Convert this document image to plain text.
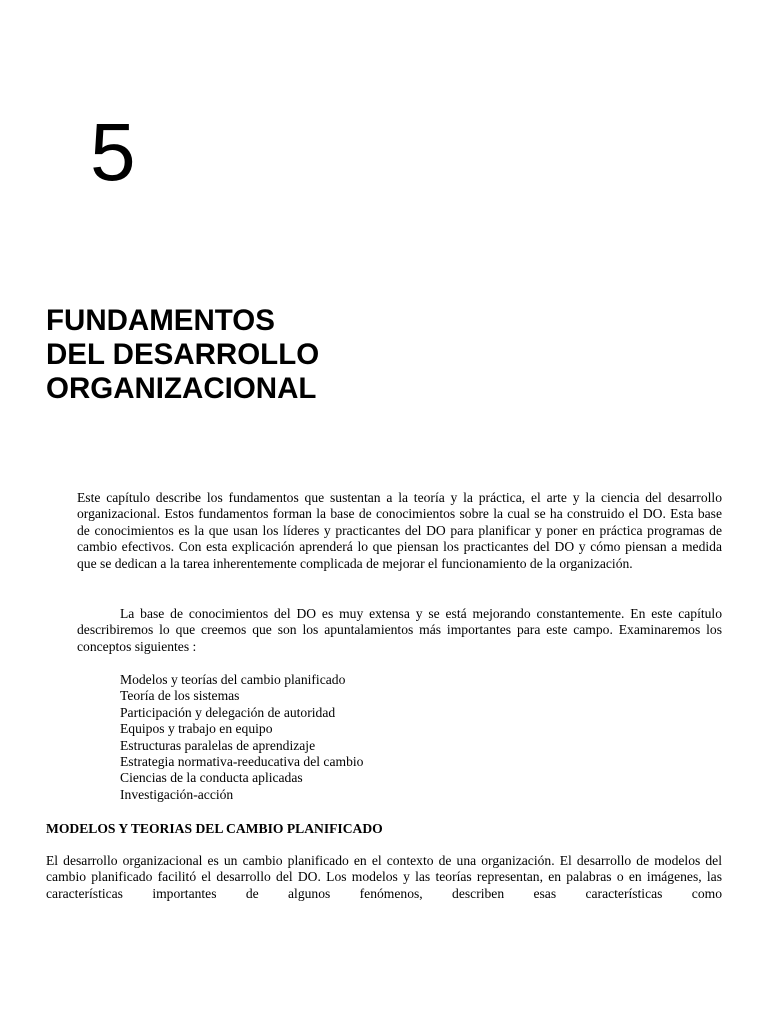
5
FUNDAMENTOS
DEL DESARROLLO
ORGANIZACIONAL

Este capítulo describe los fundamentos que sustentan a la teoría y la práctica, el arte y la ciencia del desarrollo organizacional. Estos fundamentos forman la base de conocimientos sobre la cual se ha construido el DO. Esta base de conocimientos es la que usan los líderes y practicantes del DO para planificar y poner en práctica programas de cambio efectivos. Con esta explicación aprenderá lo que piensan los practicantes del DO y cómo piensan a medida que se dedican a la tarea inherentemente complicada de mejorar el funcionamiento de la organización.

La base de conocimientos del DO es muy extensa y se está mejorando constantemente. En este capítulo describiremos lo que creemos que son los apuntalamientos más importantes para este campo. Examinaremos los conceptos siguientes :

Modelos y teorías del cambio planificado
Teoría de los sistemas
Participación y delegación de autoridad
Equipos y trabajo en equipo
Estructuras paralelas de aprendizaje
Estrategia normativa-reeducativa del cambio
Ciencias de la conducta aplicadas
Investigación-acción
MODELOS Y TEORIAS DEL CAMBIO PLANIFICADO

El desarrollo organizacional es un cambio planificado en el contexto de una organización. El desarrollo de modelos del cambio planificado facilitó el desarrollo del DO. Los modelos y las teorías representan, en palabras o en imágenes, las características importantes de algunos fenómenos, describen esas características como
